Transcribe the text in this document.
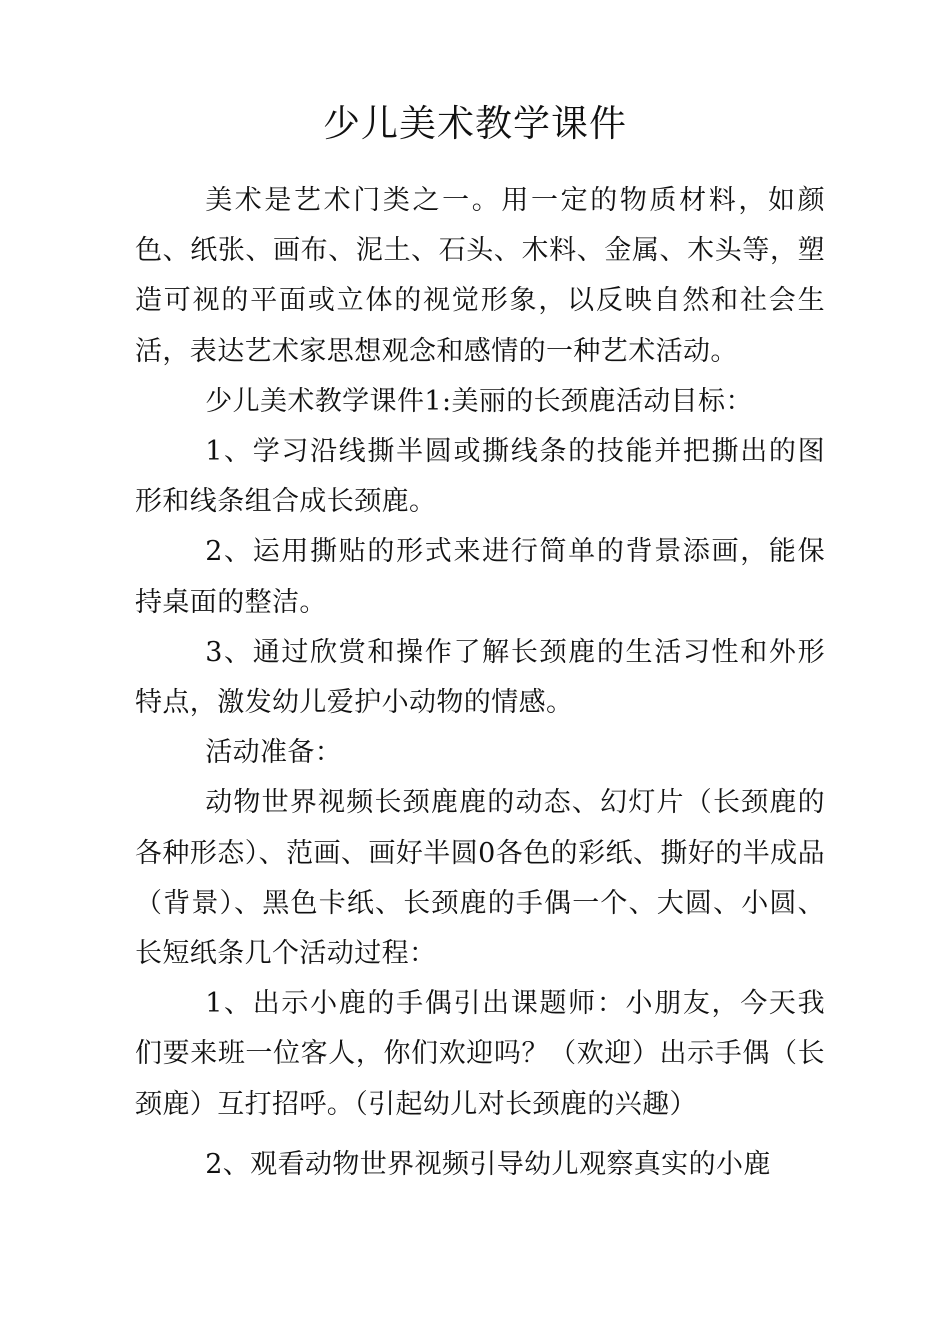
少儿美术教学课件

美术是艺术门类之一。用一定的物质材料，如颜色、纸张、画布、泥土、石头、木料、金属、木头等，塑造可视的平面或立体的视觉形象，以反映自然和社会生活，表达艺术家思想观念和感情的一种艺术活动。

少儿美术教学课件1:美丽的长颈鹿活动目标：

1、学习沿线撕半圆或撕线条的技能并把撕出的图形和线条组合成长颈鹿。

2、运用撕贴的形式来进行简单的背景添画，能保持桌面的整洁。

3、通过欣赏和操作了解长颈鹿的生活习性和外形特点，激发幼儿爱护小动物的情感。

活动准备：

动物世界视频长颈鹿鹿的动态、幻灯片（长颈鹿的各种形态）、范画、画好半圆0各色的彩纸、撕好的半成品（背景）、黑色卡纸、长颈鹿的手偶一个、大圆、小圆、长短纸条几个活动过程：

1、出示小鹿的手偶引出课题师：小朋友，今天我们要来班一位客人，你们欢迎吗？（欢迎）出示手偶（长颈鹿）互打招呼。（引起幼儿对长颈鹿的兴趣）

2、观看动物世界视频引导幼儿观察真实的小鹿
